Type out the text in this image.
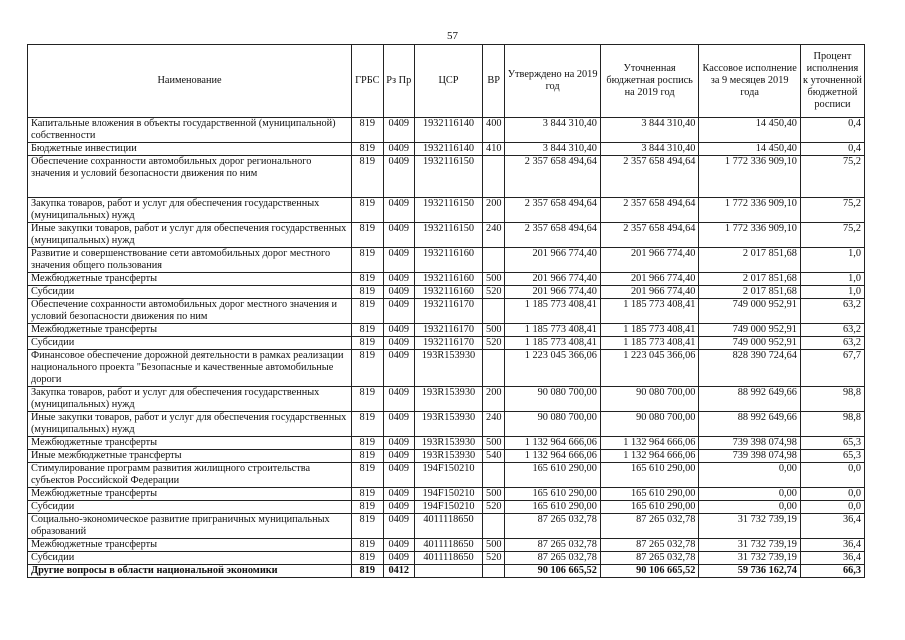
57
Наименование	ГРБС	Рз Пр	ЦСР	ВР	Утверждено на 2019 год	Уточненная бюджетная роспись на 2019 год	Кассовое исполнение за 9 месяцев 2019 года	Процент исполнения к уточненной бюджетной росписи
Капитальные вложения в объекты государственной (муниципальной) собственности	819	0409	1932116140	400	3 844 310,40	3 844 310,40	14 450,40	0,4
Бюджетные инвестиции	819	0409	1932116140	410	3 844 310,40	3 844 310,40	14 450,40	0,4
Обеспечение сохранности автомобильных дорог регионального значения и условий безопасности движения по ним	819	0409	1932116150		2 357 658 494,64	2 357 658 494,64	1 772 336 909,10	75,2
Закупка товаров, работ и услуг для обеспечения государственных (муниципальных) нужд	819	0409	1932116150	200	2 357 658 494,64	2 357 658 494,64	1 772 336 909,10	75,2
Иные закупки товаров, работ и услуг для обеспечения государственных (муниципальных) нужд	819	0409	1932116150	240	2 357 658 494,64	2 357 658 494,64	1 772 336 909,10	75,2
Развитие и совершенствование сети автомобильных дорог местного значения общего пользования	819	0409	1932116160		201 966 774,40	201 966 774,40	2 017 851,68	1,0
Межбюджетные трансферты	819	0409	1932116160	500	201 966 774,40	201 966 774,40	2 017 851,68	1,0
Субсидии	819	0409	1932116160	520	201 966 774,40	201 966 774,40	2 017 851,68	1,0
Обеспечение сохранности автомобильных дорог местного значения и условий безопасности движения по ним	819	0409	1932116170		1 185 773 408,41	1 185 773 408,41	749 000 952,91	63,2
Межбюджетные трансферты	819	0409	1932116170	500	1 185 773 408,41	1 185 773 408,41	749 000 952,91	63,2
Субсидии	819	0409	1932116170	520	1 185 773 408,41	1 185 773 408,41	749 000 952,91	63,2
Финансовое обеспечение дорожной деятельности в рамках реализации национального проекта "Безопасные и качественные автомобильные дороги	819	0409	193R153930		1 223 045 366,06	1 223 045 366,06	828 390 724,64	67,7
Закупка товаров, работ и услуг для обеспечения государственных (муниципальных) нужд	819	0409	193R153930	200	90 080 700,00	90 080 700,00	88 992 649,66	98,8
Иные закупки товаров, работ и услуг для обеспечения государственных (муниципальных) нужд	819	0409	193R153930	240	90 080 700,00	90 080 700,00	88 992 649,66	98,8
Межбюджетные трансферты	819	0409	193R153930	500	1 132 964 666,06	1 132 964 666,06	739 398 074,98	65,3
Иные межбюджетные трансферты	819	0409	193R153930	540	1 132 964 666,06	1 132 964 666,06	739 398 074,98	65,3
Стимулирование программ развития жилищного строительства субъектов Российской Федерации	819	0409	194F150210		165 610 290,00	165 610 290,00	0,00	0,0
Межбюджетные трансферты	819	0409	194F150210	500	165 610 290,00	165 610 290,00	0,00	0,0
Субсидии	819	0409	194F150210	520	165 610 290,00	165 610 290,00	0,00	0,0
Социально-экономическое развитие приграничных муниципальных образований	819	0409	4011118650		87 265 032,78	87 265 032,78	31 732 739,19	36,4
Межбюджетные трансферты	819	0409	4011118650	500	87 265 032,78	87 265 032,78	31 732 739,19	36,4
Субсидии	819	0409	4011118650	520	87 265 032,78	87 265 032,78	31 732 739,19	36,4
Другие вопросы в области национальной экономики	819	0412			90 106 665,52	90 106 665,52	59 736 162,74	66,3
